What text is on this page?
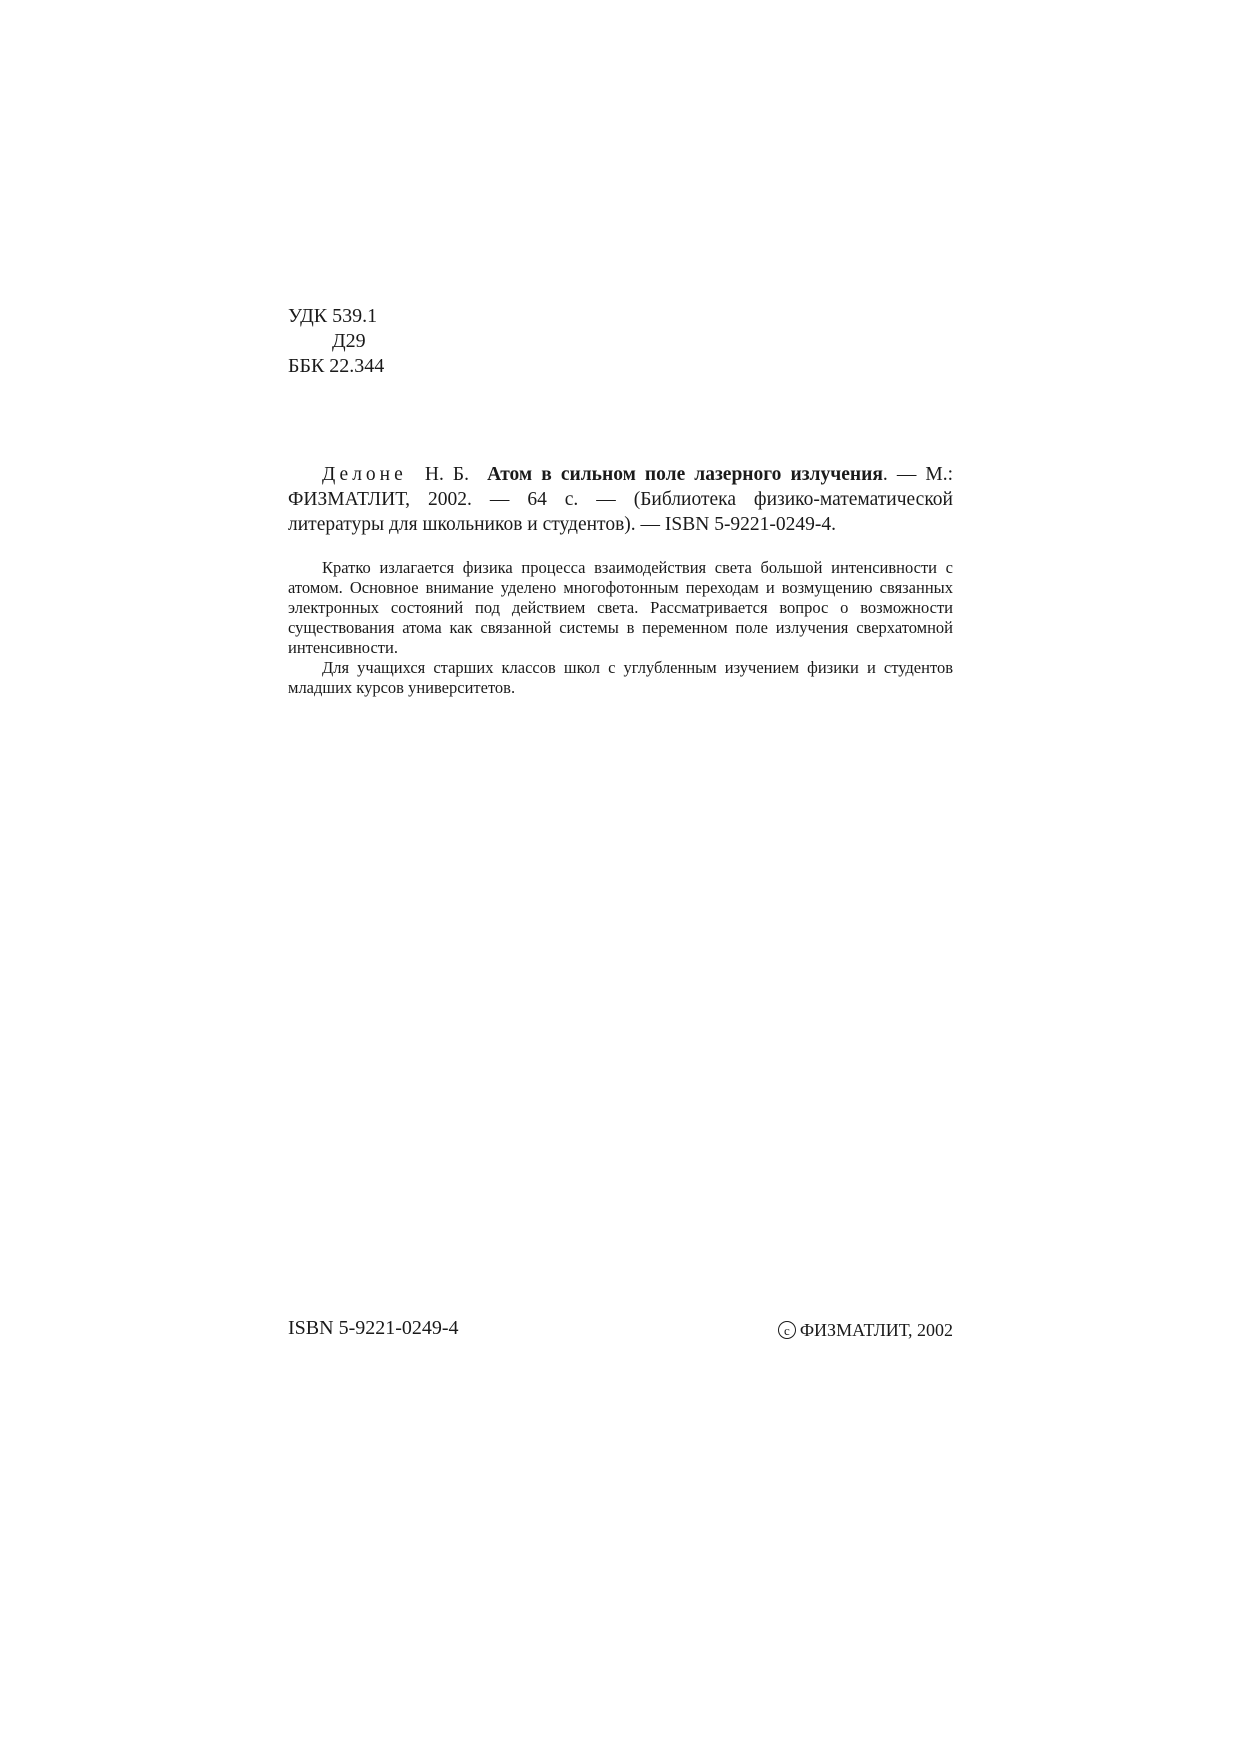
УДК 539.1
Д29
ББК 22.344
Делоне Н. Б. Атом в сильном поле лазерного излучения. — М.: ФИЗМАТЛИТ, 2002. — 64 с. — (Библиотека физико-математической литературы для школьников и студентов). — ISBN 5-9221-0249-4.

Кратко излагается физика процесса взаимодействия света большой интенсивности с атомом. Основное внимание уделено многофотонным переходам и возмущению связанных электронных состояний под действием света. Рассматривается вопрос о возможности существования атома как связанной системы в переменном поле излучения сверхатомной интенсивности.

Для учащихся старших классов школ с углубленным изучением физики и студентов младших курсов университетов.

ISBN 5-9221-0249-4	c ФИЗМАТЛИТ, 2002
